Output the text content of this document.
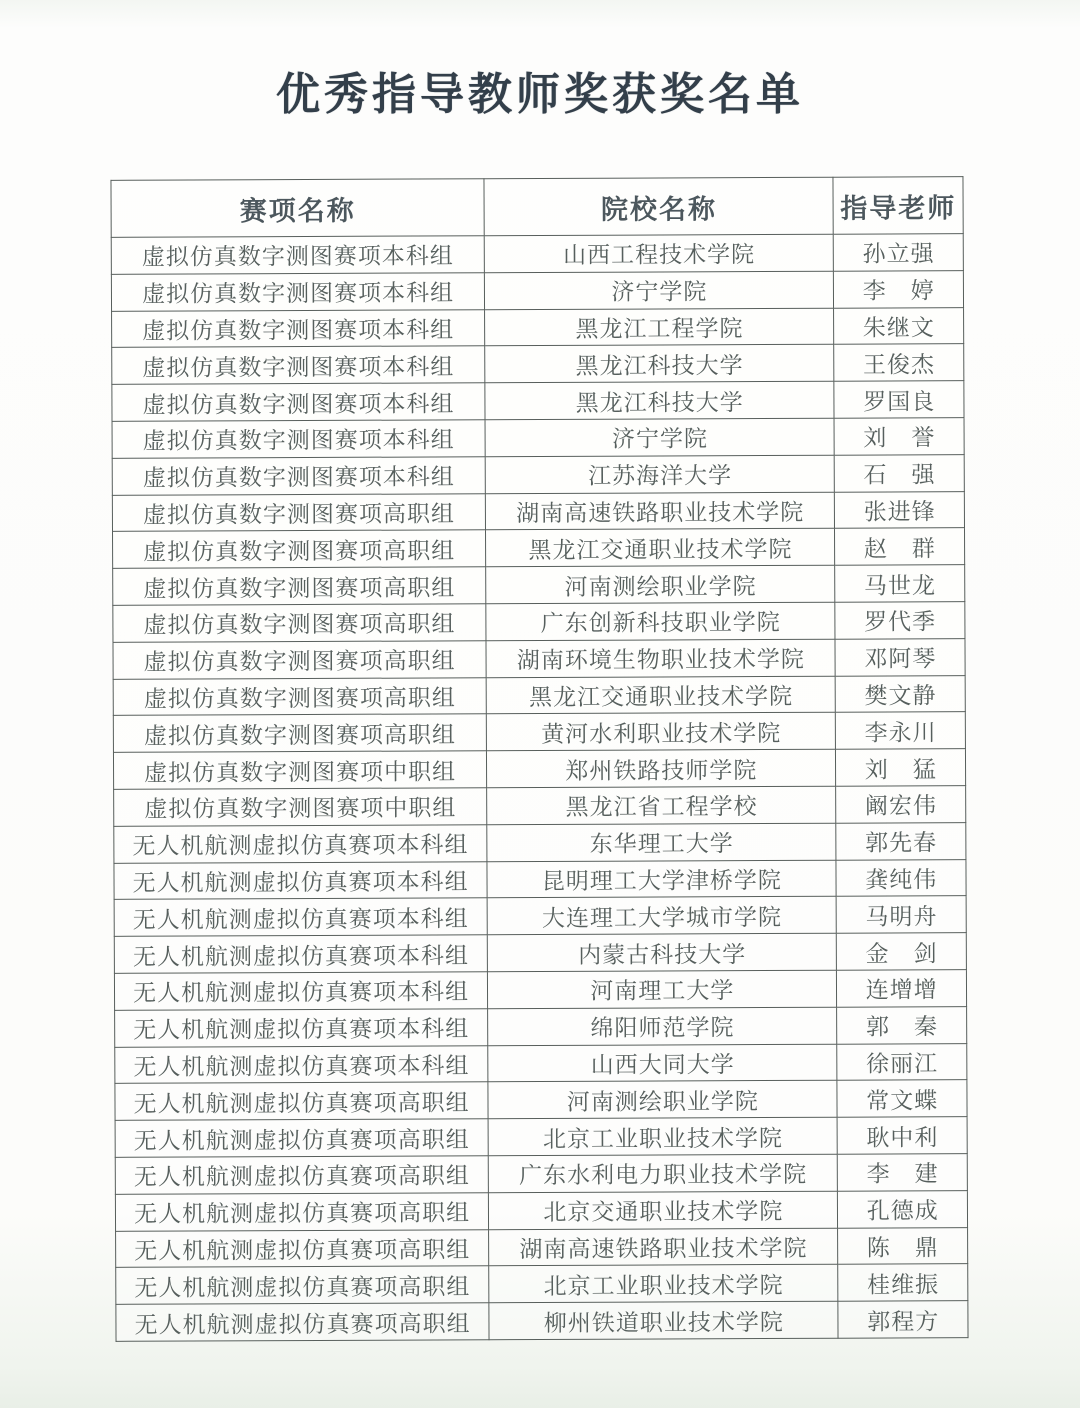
优秀指导教师奖获奖名单
赛项名称	院校名称	指导老师
虚拟仿真数字测图赛项本科组	山西工程技术学院	孙立强
虚拟仿真数字测图赛项本科组	济宁学院	李　婷
虚拟仿真数字测图赛项本科组	黑龙江工程学院	朱继文
虚拟仿真数字测图赛项本科组	黑龙江科技大学	王俊杰
虚拟仿真数字测图赛项本科组	黑龙江科技大学	罗国良
虚拟仿真数字测图赛项本科组	济宁学院	刘　誉
虚拟仿真数字测图赛项本科组	江苏海洋大学	石　强
虚拟仿真数字测图赛项高职组	湖南高速铁路职业技术学院	张进锋
虚拟仿真数字测图赛项高职组	黑龙江交通职业技术学院	赵　群
虚拟仿真数字测图赛项高职组	河南测绘职业学院	马世龙
虚拟仿真数字测图赛项高职组	广东创新科技职业学院	罗代季
虚拟仿真数字测图赛项高职组	湖南环境生物职业技术学院	邓阿琴
虚拟仿真数字测图赛项高职组	黑龙江交通职业技术学院	樊文静
虚拟仿真数字测图赛项高职组	黄河水利职业技术学院	李永川
虚拟仿真数字测图赛项中职组	郑州铁路技师学院	刘　猛
虚拟仿真数字测图赛项中职组	黑龙江省工程学校	阚宏伟
无人机航测虚拟仿真赛项本科组	东华理工大学	郭先春
无人机航测虚拟仿真赛项本科组	昆明理工大学津桥学院	龚纯伟
无人机航测虚拟仿真赛项本科组	大连理工大学城市学院	马明舟
无人机航测虚拟仿真赛项本科组	内蒙古科技大学	金　剑
无人机航测虚拟仿真赛项本科组	河南理工大学	连增增
无人机航测虚拟仿真赛项本科组	绵阳师范学院	郭　秦
无人机航测虚拟仿真赛项本科组	山西大同大学	徐丽江
无人机航测虚拟仿真赛项高职组	河南测绘职业学院	常文蝶
无人机航测虚拟仿真赛项高职组	北京工业职业技术学院	耿中利
无人机航测虚拟仿真赛项高职组	广东水利电力职业技术学院	李　建
无人机航测虚拟仿真赛项高职组	北京交通职业技术学院	孔德成
无人机航测虚拟仿真赛项高职组	湖南高速铁路职业技术学院	陈　鼎
无人机航测虚拟仿真赛项高职组	北京工业职业技术学院	桂维振
无人机航测虚拟仿真赛项高职组	柳州铁道职业技术学院	郭程方
